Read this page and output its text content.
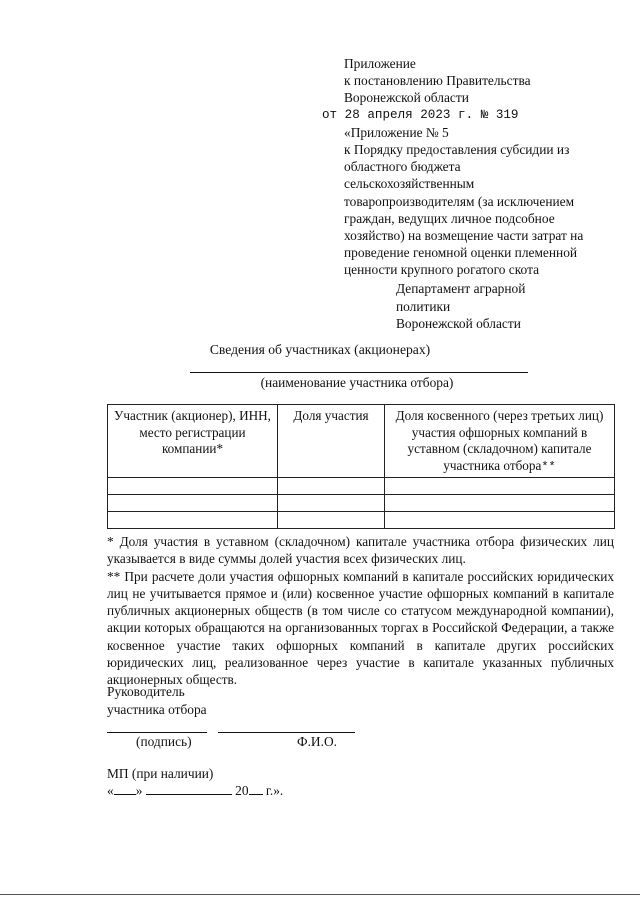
Приложение
к постановлению Правительства
Воронежской области
от 28 апреля 2023 г. № 319
«Приложение № 5
к Порядку предоставления субсидии из
областного бюджета
сельскохозяйственным
товаропроизводителям (за исключением
граждан, ведущих личное подсобное
хозяйство) на возмещение части затрат на
проведение геномной оценки племенной
ценности крупного рогатого скота
Департамент аграрной
политики
Воронежской области
Сведения об участниках (акционерах)
(наименование участника отбора)
Участник (акционер), ИНН, место регистрации компании*	Доля участия	Доля косвенного (через третьих лиц) участия офшорных компаний в уставном (складочном) капитале участника отбора**

* Доля участия в уставном (складочном) капитале участника отбора физических лиц указывается в виде суммы долей участия всех физических лиц.

** При расчете доли участия офшорных компаний в капитале российских юридических лиц не учитывается прямое и (или) косвенное участие офшорных компаний в капитале публичных акционерных обществ (в том числе со статусом международной компании), акции которых обращаются на организованных торгах в Российской Федерации, а также косвенное участие таких офшорных компаний в капитале других российских юридических лиц, реализованное через участие в капитале указанных публичных акционерных обществ.

Руководитель
участника отбора
(подпись)	Ф.И.О.
МП (при наличии)
« »	20 г.».
